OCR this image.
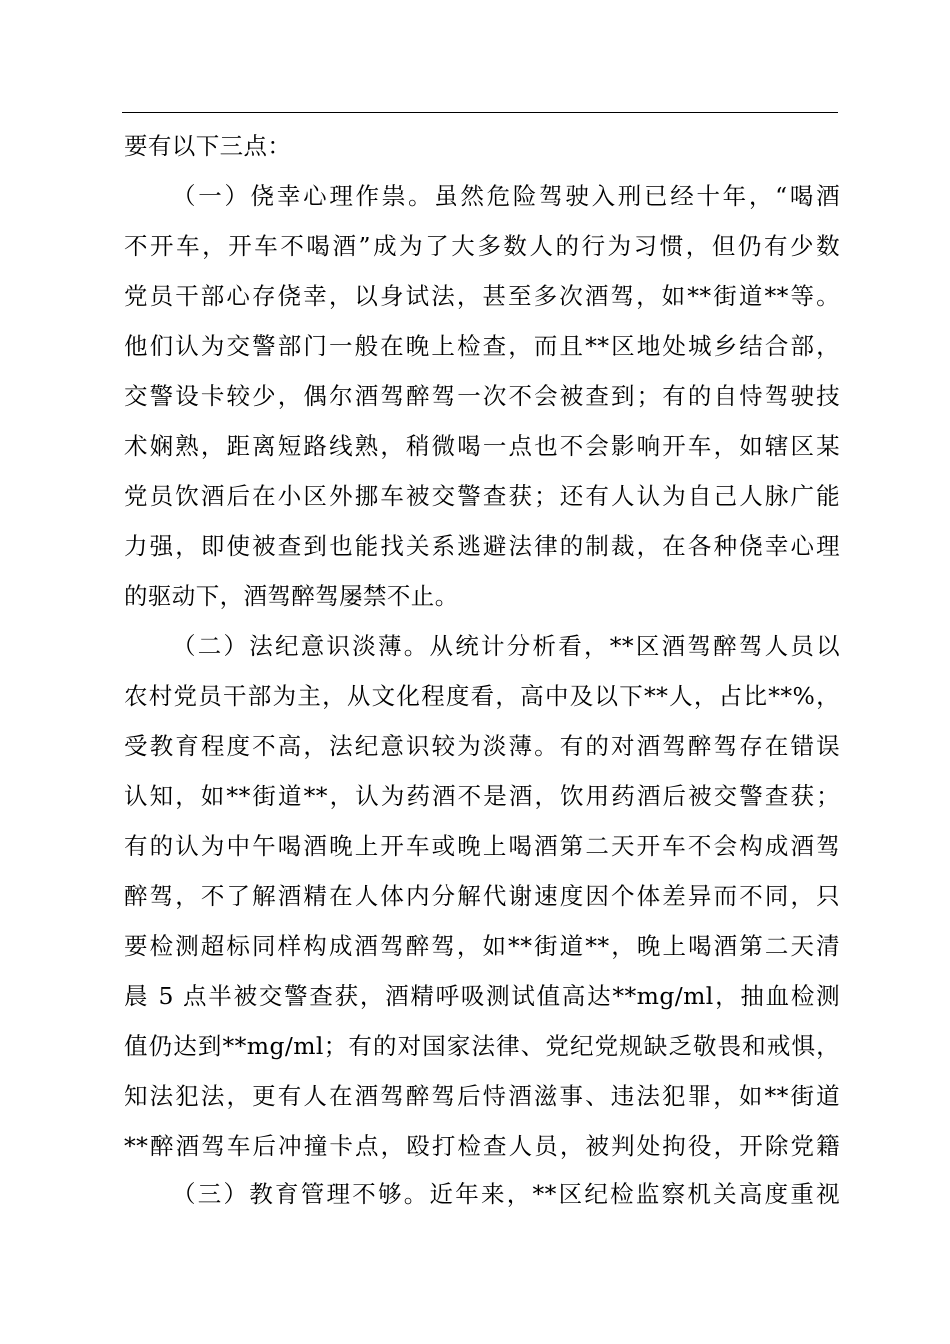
要有以下三点：
（一）侥幸心理作祟。虽然危险驾驶入刑已经十年，“喝酒
不开车，开车不喝酒”成为了大多数人的行为习惯，但仍有少数
党员干部心存侥幸，以身试法，甚至多次酒驾，如**街道**等。
他们认为交警部门一般在晚上检查，而且**区地处城乡结合部，
交警设卡较少，偶尔酒驾醉驾一次不会被查到；有的自恃驾驶技
术娴熟，距离短路线熟，稍微喝一点也不会影响开车，如辖区某
党员饮酒后在小区外挪车被交警查获；还有人认为自己人脉广能
力强，即使被查到也能找关系逃避法律的制裁，在各种侥幸心理
的驱动下，酒驾醉驾屡禁不止。
（二）法纪意识淡薄。从统计分析看，**区酒驾醉驾人员以
农村党员干部为主，从文化程度看，高中及以下**人，占比**%，
受教育程度不高，法纪意识较为淡薄。有的对酒驾醉驾存在错误
认知，如**街道**，认为药酒不是酒，饮用药酒后被交警查获；
有的认为中午喝酒晚上开车或晚上喝酒第二天开车不会构成酒驾
醉驾，不了解酒精在人体内分解代谢速度因个体差异而不同，只
要检测超标同样构成酒驾醉驾，如**街道**，晚上喝酒第二天清
晨 5 点半被交警查获，酒精呼吸测试值高达**mg/ml，抽血检测
值仍达到**mg/ml；有的对国家法律、党纪党规缺乏敬畏和戒惧，
知法犯法，更有人在酒驾醉驾后恃酒滋事、违法犯罪，如**街道
**醉酒驾车后冲撞卡点，殴打检查人员，被判处拘役，开除党籍
（三）教育管理不够。近年来，**区纪检监察机关高度重视
